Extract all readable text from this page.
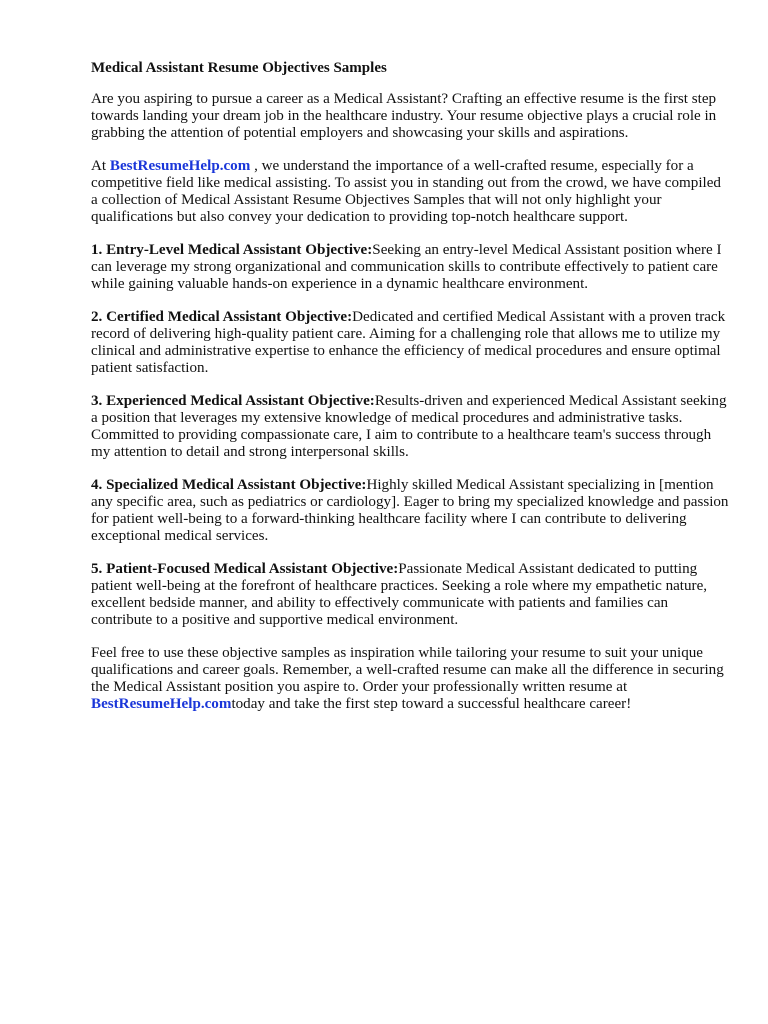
Medical Assistant Resume Objectives Samples

Are you aspiring to pursue a career as a Medical Assistant? Crafting an effective resume is the first step towards landing your dream job in the healthcare industry. Your resume objective plays a crucial role in grabbing the attention of potential employers and showcasing your skills and aspirations.

At BestResumeHelp.com , we understand the importance of a well-crafted resume, especially for a competitive field like medical assisting. To assist you in standing out from the crowd, we have compiled a collection of Medical Assistant Resume Objectives Samples that will not only highlight your qualifications but also convey your dedication to providing top-notch healthcare support.

1. Entry-Level Medical Assistant Objective:Seeking an entry-level Medical Assistant position where I can leverage my strong organizational and communication skills to contribute effectively to patient care while gaining valuable hands-on experience in a dynamic healthcare environment.
2. Certified Medical Assistant Objective:Dedicated and certified Medical Assistant with a proven track record of delivering high-quality patient care. Aiming for a challenging role that allows me to utilize my clinical and administrative expertise to enhance the efficiency of medical procedures and ensure optimal patient satisfaction.
3. Experienced Medical Assistant Objective:Results-driven and experienced Medical Assistant seeking a position that leverages my extensive knowledge of medical procedures and administrative tasks. Committed to providing compassionate care, I aim to contribute to a healthcare team's success through my attention to detail and strong interpersonal skills.
4. Specialized Medical Assistant Objective:Highly skilled Medical Assistant specializing in [mention any specific area, such as pediatrics or cardiology]. Eager to bring my specialized knowledge and passion for patient well-being to a forward-thinking healthcare facility where I can contribute to delivering exceptional medical services.
5. Patient-Focused Medical Assistant Objective:Passionate Medical Assistant dedicated to putting patient well-being at the forefront of healthcare practices. Seeking a role where my empathetic nature, excellent bedside manner, and ability to effectively communicate with patients and families can contribute to a positive and supportive medical environment.

Feel free to use these objective samples as inspiration while tailoring your resume to suit your unique qualifications and career goals. Remember, a well-crafted resume can make all the difference in securing the Medical Assistant position you aspire to. Order your professionally written resume at BestResumeHelp.comtoday and take the first step toward a successful healthcare career!
